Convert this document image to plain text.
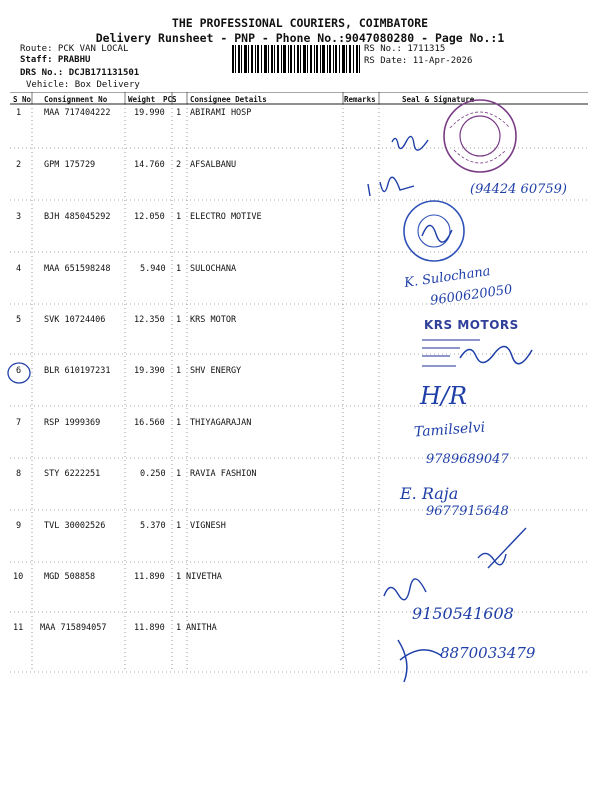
THE PROFESSIONAL COURIERS, COIMBATORE
Delivery Runsheet - PNP - Phone No.:9047080280 - Page No.:1
Route: PCK VAN LOCAL
Staff: PRABHU
DRS No.: DCJB171131501
Vehicle: Box Delivery
RS No.: 1711315
RS Date: 11-Apr-2026
S No Consignment No	Weight PCS Consignee Details	Remarks	Seal & Signature
1	MAA 717404222	19.990 1 ABIRAMI HOSP
2	GPM 175729	14.760 2 AFSALBANU
3	BJH 485045292	12.050 1 ELECTRO MOTIVE
4	MAA 651598248	5.940 1 SULOCHANA
5	SVK 10724406	12.350 1 KRS MOTOR
6	BLR 610197231	19.390 1 SHV ENERGY
7	RSP 1999369	16.560 1 THIYAGARAJAN
8	STY 6222251	0.250 1 RAVIA FASHION
9	TVL 30002526	5.370 1 VIGNESH
10 MGD 508858	11.890 1 NIVETHA
11 MAA 715894057	11.890 1 ANITHA
(94424 60759)
K. Sulochana
9600620050
KRS MOTORS
H/R
Tamilselvi
9789689047
E. Raja
9677915648
9150541608
8870033479
